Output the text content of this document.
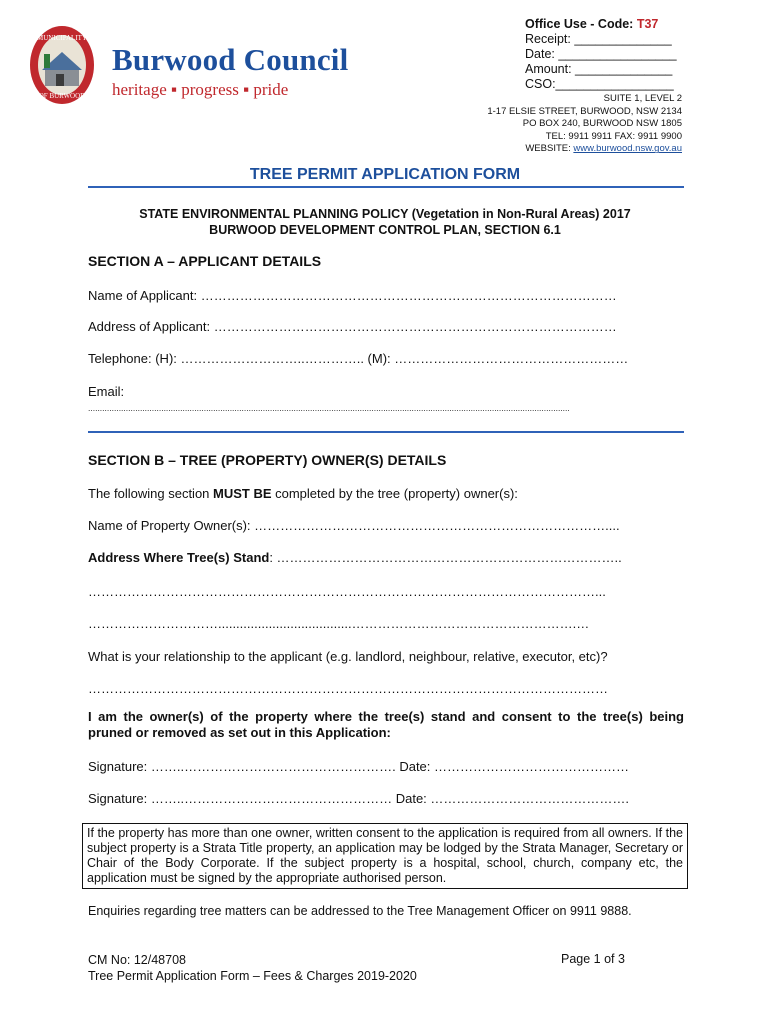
MUNICIPALITY
OF BURWOOD
Burwood Council
heritage ▪ progress ▪ pride
Office Use - Code: T37
Receipt: ______________
Date: _________________
Amount: ______________
CSO:_________________
SUITE 1, LEVEL 2
1-17 ELSIE STREET, BURWOOD, NSW 2134
PO BOX 240, BURWOOD NSW 1805
TEL: 9911 9911 FAX: 9911 9900
WEBSITE: www.burwood.nsw.gov.au
TREE PERMIT APPLICATION FORM
STATE ENVIRONMENTAL PLANNING POLICY (Vegetation in Non-Rural Areas) 2017
BURWOOD DEVELOPMENT CONTROL PLAN, SECTION 6.1
SECTION A – APPLICANT DETAILS
Name of Applicant: ……………………………………………………………………………………
Address of Applicant: …………………………………………………………………………………
Telephone: (H): ………………………..………….. (M): ………………………………………………
Email:
............................................................................................................................................................................................................
SECTION B – TREE (PROPERTY) OWNER(S) DETAILS
The following section MUST BE completed by the tree (property) owner(s):
Name of Property Owner(s): ………………………………………………………………………....
Address Where Tree(s) Stand: ……………………………………………………………………..
………………………………………………………………………………………………………...
………………………….....................................…………………………………………….…
What is your relationship to the applicant (e.g. landlord, neighbour, relative, executor, etc)?
…………………………………………………………………………………………………………
I am the owner(s) of the property where the tree(s) stand and consent to the tree(s) being pruned or removed as set out in this Application:
Signature: ……..…………………………………………. Date: ………………………………………
Signature: ……..………………………………………… Date: ……………………………………….
If the property has more than one owner, written consent to the application is required from all owners. If the subject property is a Strata Title property, an application may be lodged by the Strata Manager, Secretary or Chair of the Body Corporate. If the subject property is a hospital, school, church, company etc, the application must be signed by the appropriate authorised person.
Enquiries regarding tree matters can be addressed to the Tree Management Officer on 9911 9888.
CM No: 12/48708
Tree Permit Application Form – Fees & Charges 2019-2020
Page 1 of 3
